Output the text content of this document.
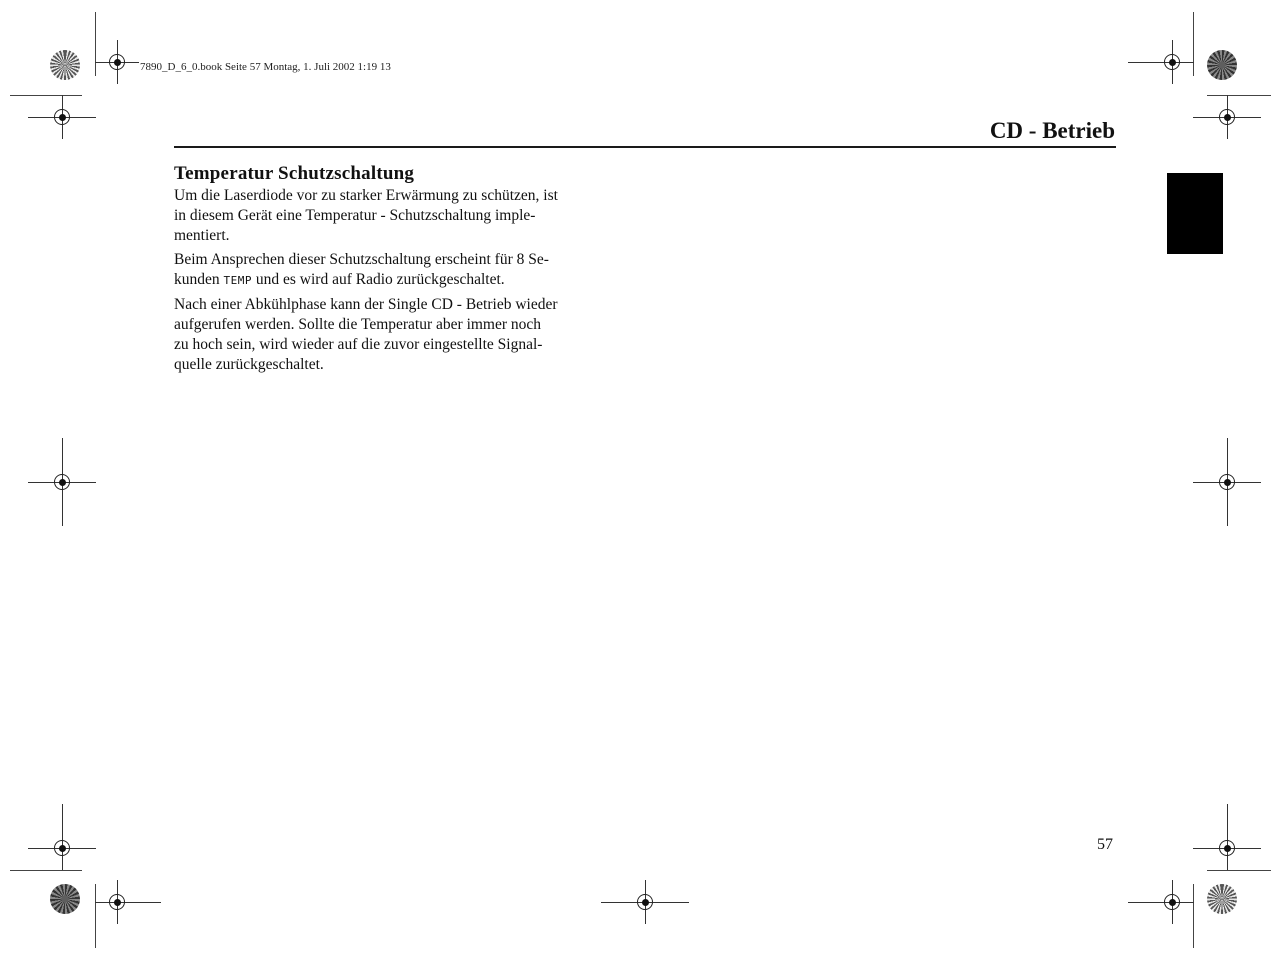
7890_D_6_0.book Seite 57 Montag, 1. Juli 2002 1:19 13
CD - Betrieb
Temperatur Schutzschaltung
Um die Laserdiode vor zu starker Erwärmung zu schützen, ist
in diesem Gerät eine Temperatur - Schutzschaltung imple-
mentiert.
Beim Ansprechen dieser Schutzschaltung erscheint für 8 Se-
kunden TEMP und es wird auf Radio zurückgeschaltet.
Nach einer Abkühlphase kann der Single CD - Betrieb wieder
aufgerufen werden. Sollte die Temperatur aber immer noch
zu hoch sein, wird wieder auf die zuvor eingestellte Signal-
quelle zurückgeschaltet.
57
